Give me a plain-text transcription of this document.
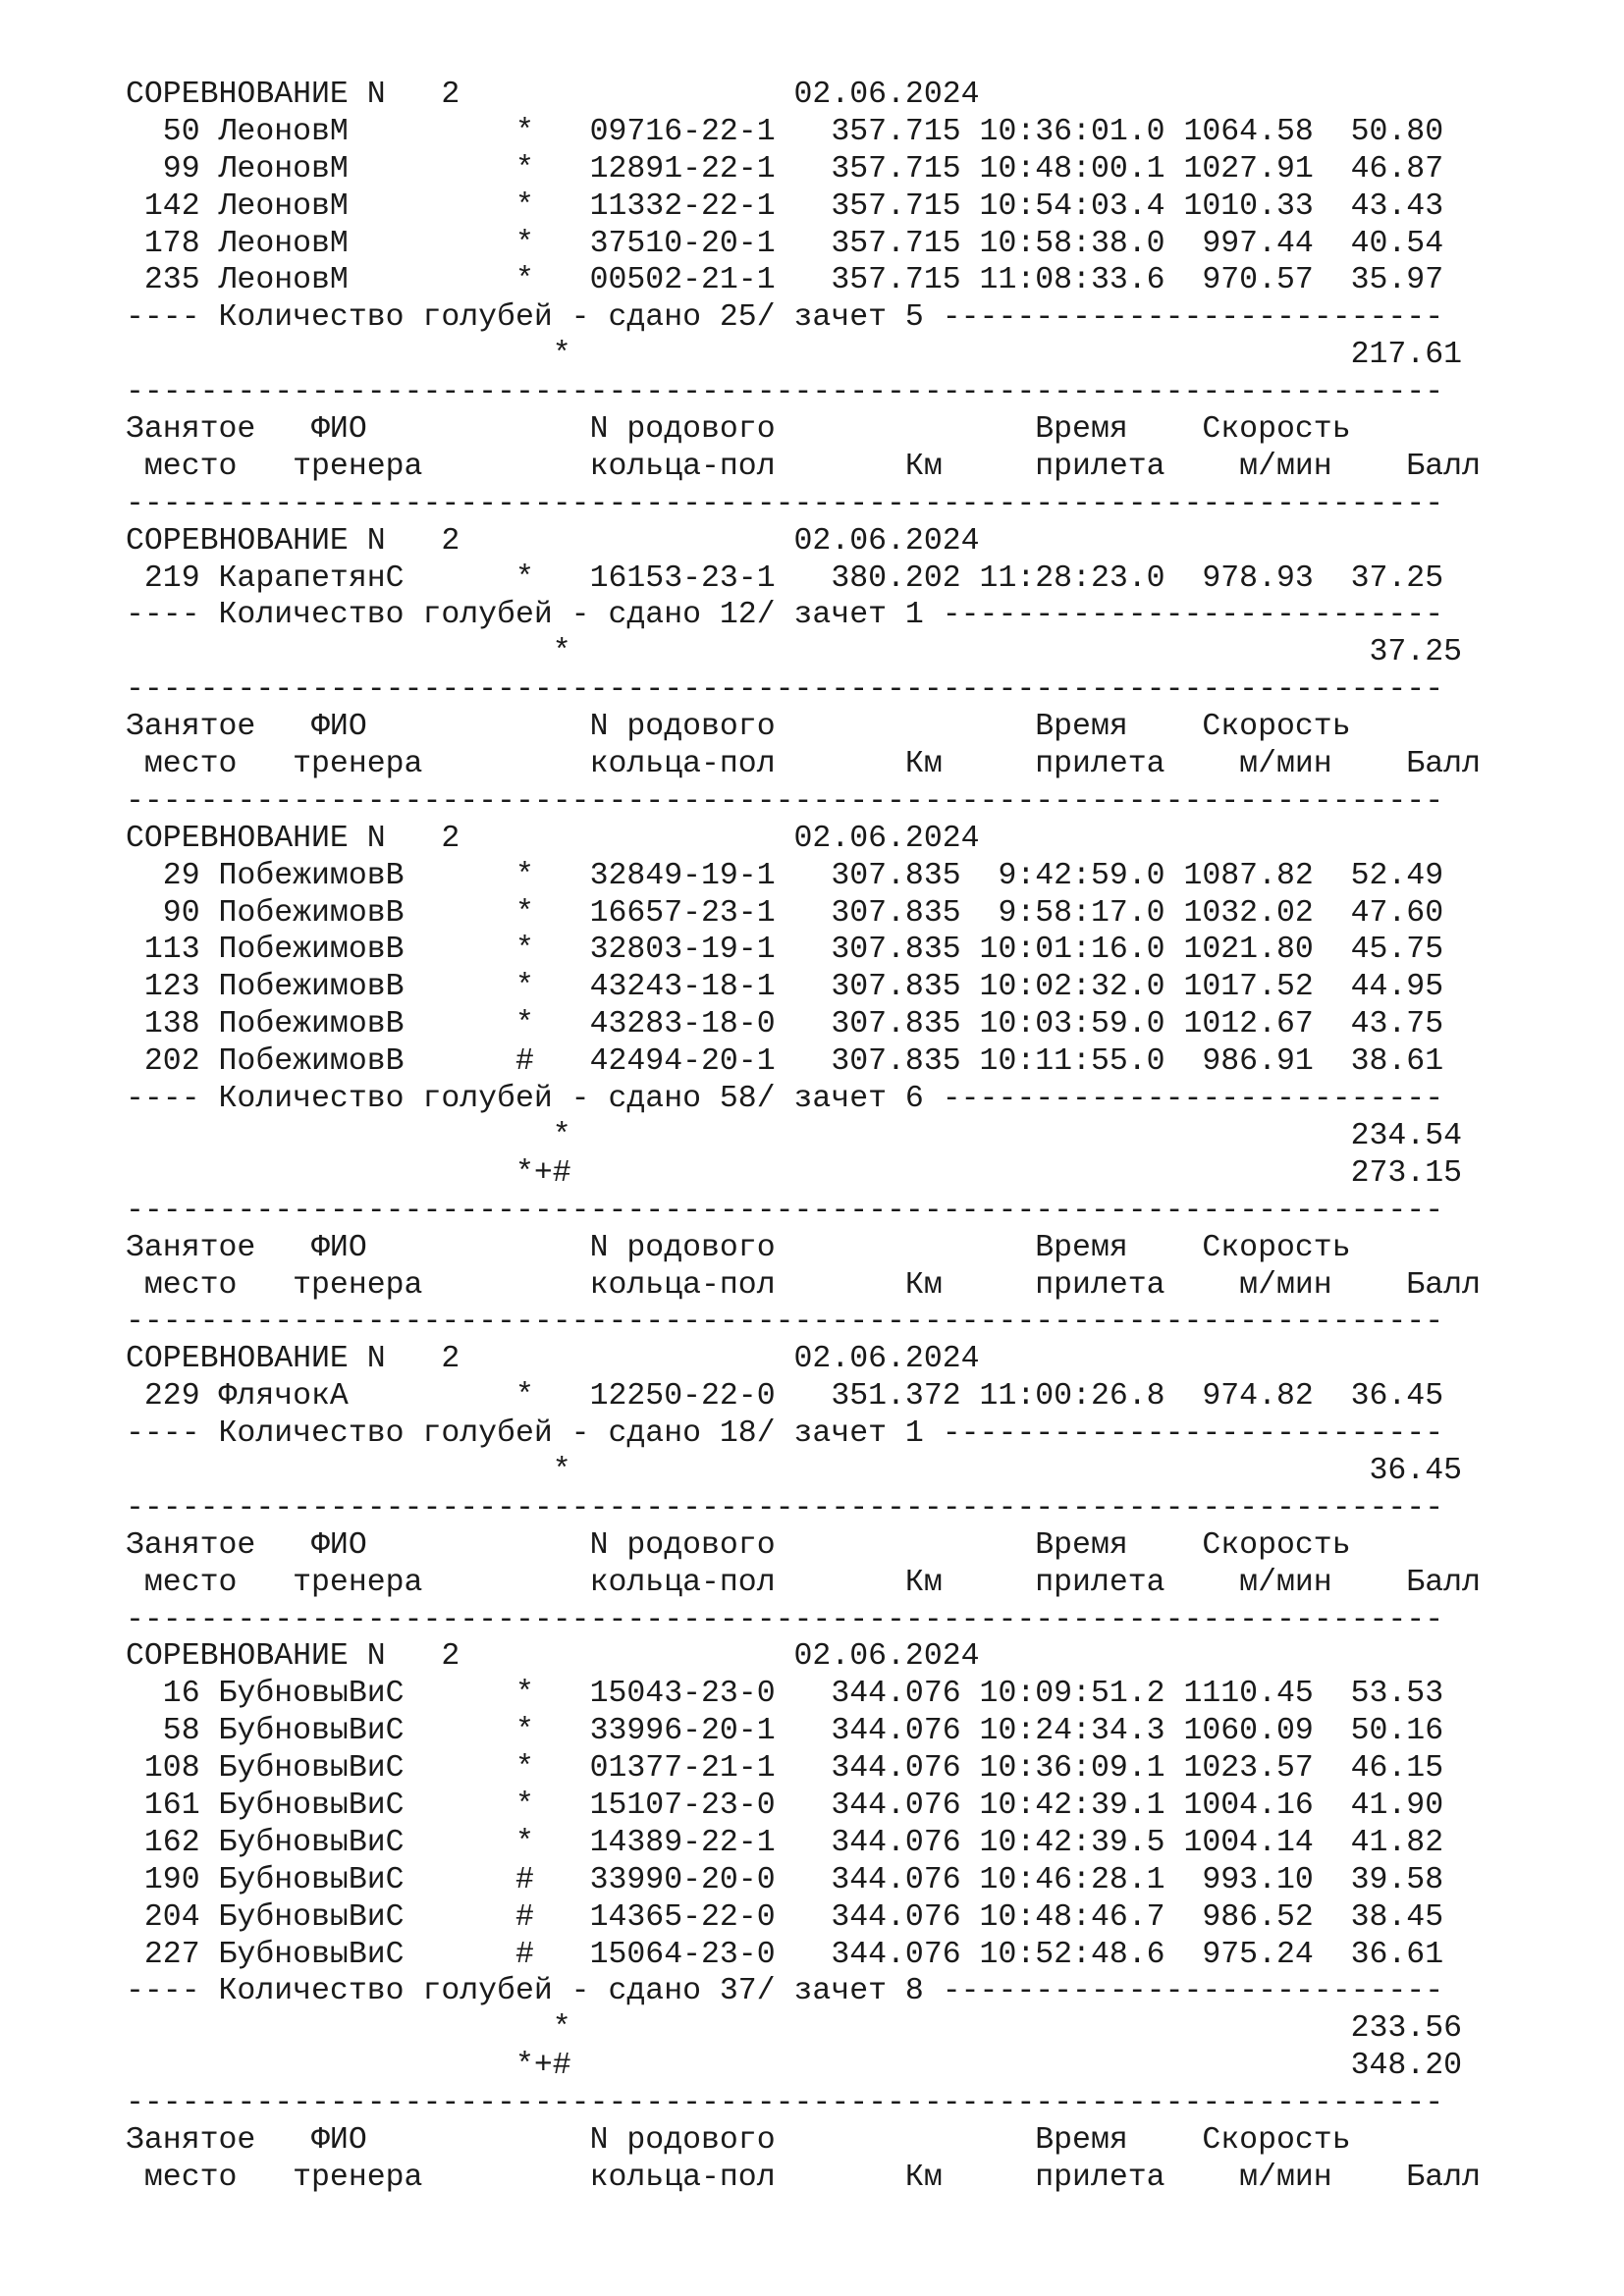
СОРЕВНОВАНИЕ N   2                  02.06.2024
50 ЛеоновМ         *   09716-22-1   357.715 10:36:01.0 1064.58  50.80
99 ЛеоновМ         *   12891-22-1   357.715 10:48:00.1 1027.91  46.87
142 ЛеоновМ         *   11332-22-1   357.715 10:54:03.4 1010.33  43.43
178 ЛеоновМ         *   37510-20-1   357.715 10:58:38.0  997.44  40.54
235 ЛеоновМ         *   00502-21-1   357.715 11:08:33.6  970.57  35.97
---- Количество голубей - сдано 25/ зачет 5 ---------------------------
*                                          217.61
-----------------------------------------------------------------------
Занятое   ФИО            N родового              Время    Скорость
место   тренера         кольца-пол       Км     прилета    м/мин    Балл
-----------------------------------------------------------------------
СОРЕВНОВАНИЕ N   2                  02.06.2024
219 КарапетянС      *   16153-23-1   380.202 11:28:23.0  978.93  37.25
---- Количество голубей - сдано 12/ зачет 1 ---------------------------
*                                           37.25
-----------------------------------------------------------------------
Занятое   ФИО            N родового              Время    Скорость
место   тренера         кольца-пол       Км     прилета    м/мин    Балл
-----------------------------------------------------------------------
СОРЕВНОВАНИЕ N   2                  02.06.2024
29 ПобежимовВ      *   32849-19-1   307.835  9:42:59.0 1087.82  52.49
90 ПобежимовВ      *   16657-23-1   307.835  9:58:17.0 1032.02  47.60
113 ПобежимовВ      *   32803-19-1   307.835 10:01:16.0 1021.80  45.75
123 ПобежимовВ      *   43243-18-1   307.835 10:02:32.0 1017.52  44.95
138 ПобежимовВ      *   43283-18-0   307.835 10:03:59.0 1012.67  43.75
202 ПобежимовВ      #   42494-20-1   307.835 10:11:55.0  986.91  38.61
---- Количество голубей - сдано 58/ зачет 6 ---------------------------
*                                          234.54
*+#                                          273.15
-----------------------------------------------------------------------
Занятое   ФИО            N родового              Время    Скорость
место   тренера         кольца-пол       Км     прилета    м/мин    Балл
-----------------------------------------------------------------------
СОРЕВНОВАНИЕ N   2                  02.06.2024
229 ФлячокА         *   12250-22-0   351.372 11:00:26.8  974.82  36.45
---- Количество голубей - сдано 18/ зачет 1 ---------------------------
*                                           36.45
-----------------------------------------------------------------------
Занятое   ФИО            N родового              Время    Скорость
место   тренера         кольца-пол       Км     прилета    м/мин    Балл
-----------------------------------------------------------------------
СОРЕВНОВАНИЕ N   2                  02.06.2024
16 БубновыВиС      *   15043-23-0   344.076 10:09:51.2 1110.45  53.53
58 БубновыВиС      *   33996-20-1   344.076 10:24:34.3 1060.09  50.16
108 БубновыВиС      *   01377-21-1   344.076 10:36:09.1 1023.57  46.15
161 БубновыВиС      *   15107-23-0   344.076 10:42:39.1 1004.16  41.90
162 БубновыВиС      *   14389-22-1   344.076 10:42:39.5 1004.14  41.82
190 БубновыВиС      #   33990-20-0   344.076 10:46:28.1  993.10  39.58
204 БубновыВиС      #   14365-22-0   344.076 10:48:46.7  986.52  38.45
227 БубновыВиС      #   15064-23-0   344.076 10:52:48.6  975.24  36.61
---- Количество голубей - сдано 37/ зачет 8 ---------------------------
*                                          233.56
*+#                                          348.20
-----------------------------------------------------------------------
Занятое   ФИО            N родового              Время    Скорость
место   тренера         кольца-пол       Км     прилета    м/мин    Балл
